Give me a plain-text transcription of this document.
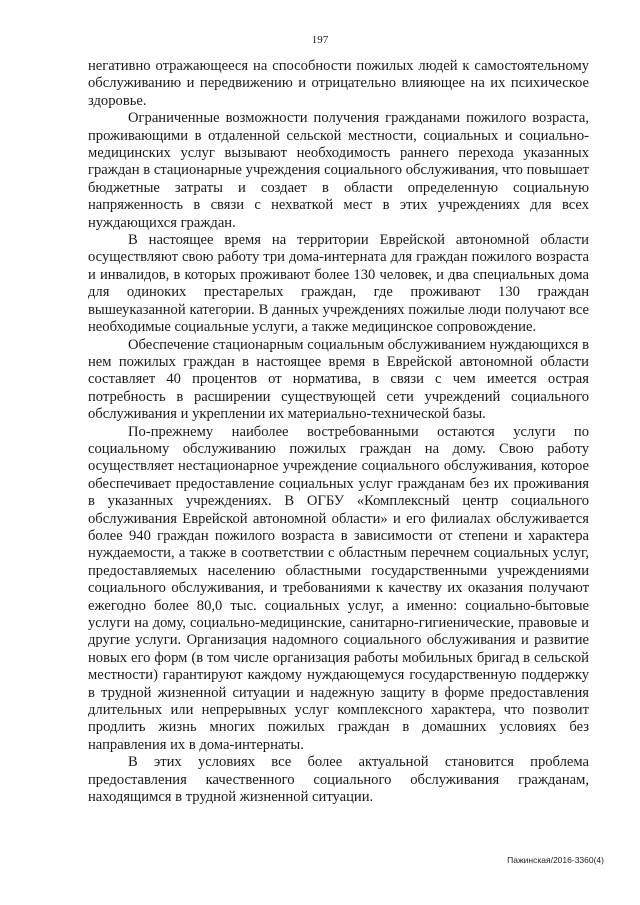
197

негативно отражающееся на способности пожилых людей к самостоятельному обслуживанию и передвижению и отрицательно влияющее на их психическое здоровье.

Ограниченные возможности получения гражданами пожилого возраста, проживающими в отдаленной сельской местности, социальных и социально-медицинских услуг вызывают необходимость раннего перехода указанных граждан в стационарные учреждения социального обслуживания, что повышает бюджетные затраты и создает в области определенную социальную напряженность в связи с нехваткой мест в этих учреждениях для всех нуждающихся граждан.

В настоящее время на территории Еврейской автономной области осуществляют свою работу три дома-интерната для граждан пожилого возраста и инвалидов, в которых проживают более 130 человек, и два специальных дома для одиноких престарелых граждан, где проживают 130 граждан вышеуказанной категории. В данных учреждениях пожилые люди получают все необходимые социальные услуги, а также медицинское сопровождение.

Обеспечение стационарным социальным обслуживанием нуждающихся в нем пожилых граждан в настоящее время в Еврейской автономной области составляет 40 процентов от норматива, в связи с чем имеется острая потребность в расширении существующей сети учреждений социального обслуживания и укреплении их материально-технической базы.

По-прежнему наиболее востребованными остаются услуги по социальному обслуживанию пожилых граждан на дому. Свою работу осуществляет нестационарное учреждение социального обслуживания, которое обеспечивает предоставление социальных услуг гражданам без их проживания в указанных учреждениях. В ОГБУ «Комплексный центр социального обслуживания Еврейской автономной области» и его филиалах обслуживается более 940 граждан пожилого возраста в зависимости от степени и характера нуждаемости, а также в соответствии с областным перечнем социальных услуг, предоставляемых населению областными государственными учреждениями социального обслуживания, и требованиями к качеству их оказания получают ежегодно более 80,0 тыс. социальных услуг, а именно: социально-бытовые услуги на дому, социально-медицинские, санитарно-гигиенические, правовые и другие услуги. Организация надомного социального обслуживания и развитие новых его форм (в том числе организация работы мобильных бригад в сельской местности) гарантируют каждому нуждающемуся государственную поддержку в трудной жизненной ситуации и надежную защиту в форме предоставления длительных или непрерывных услуг комплексного характера, что позволит продлить жизнь многих пожилых граждан в домашних условиях без направления их в дома-интернаты.

В этих условиях все более актуальной становится проблема предоставления качественного социального обслуживания гражданам, находящимся в трудной жизненной ситуации.

Пажинская/2016-3360(4)
